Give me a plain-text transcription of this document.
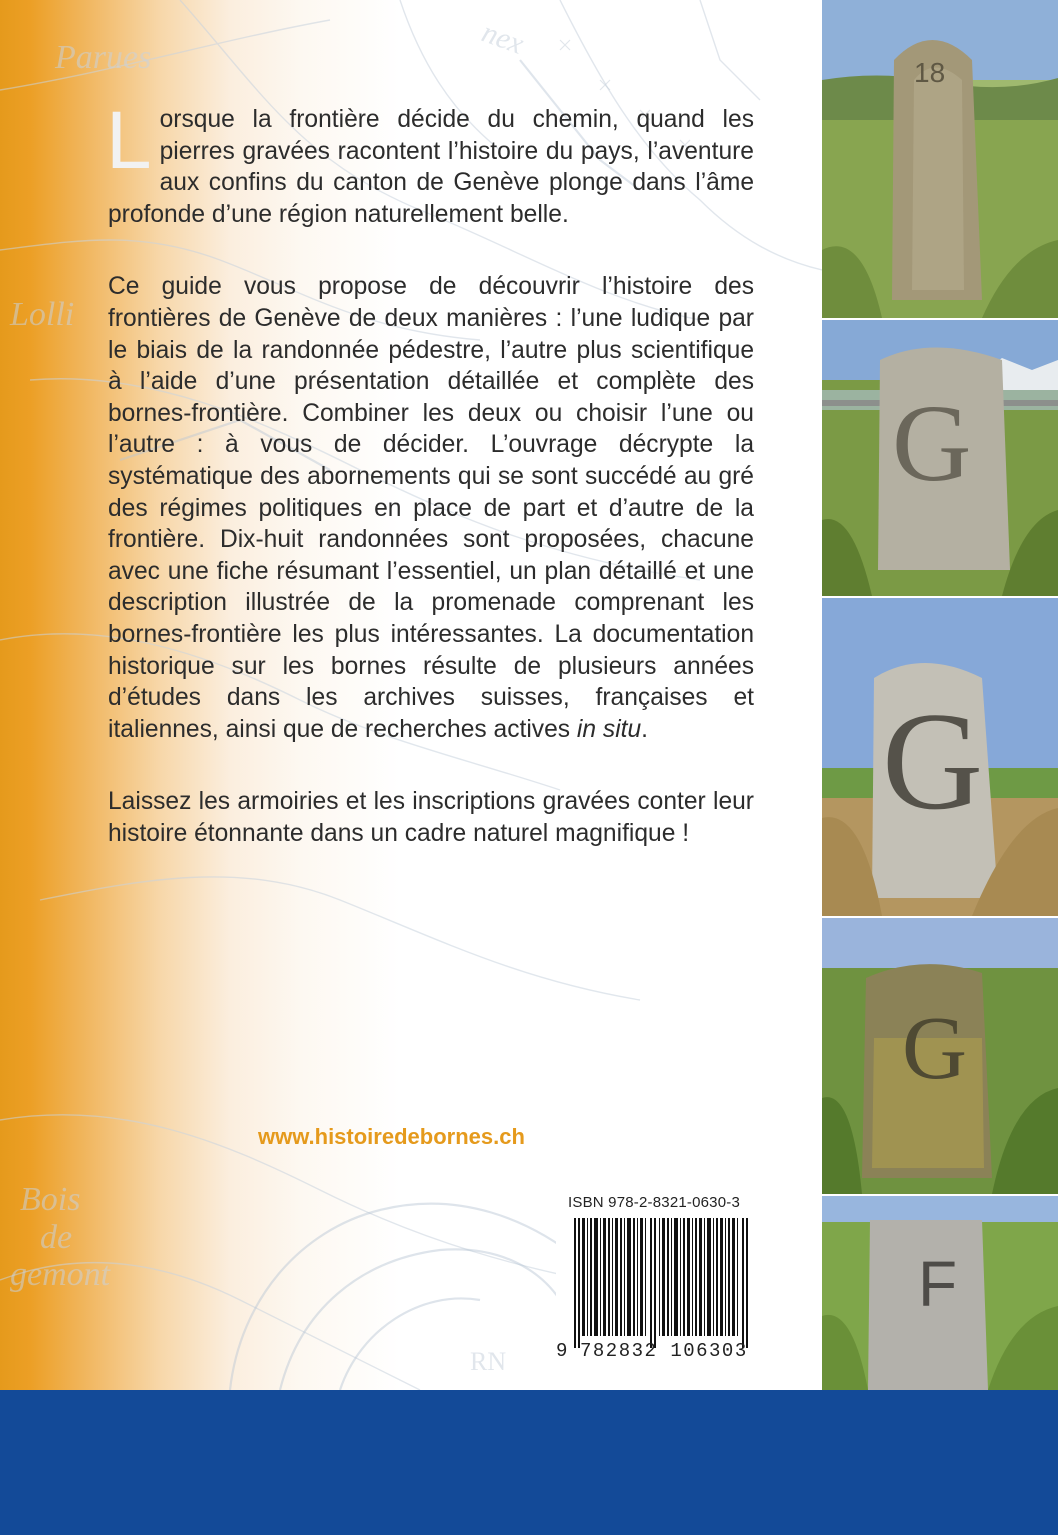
Parues	nex
Lolli
Bois
de
gemont
RN

Lorsque la frontière décide du chemin, quand les pierres gravées racontent l’histoire du pays, l’aventure aux confins du canton de Genève plonge dans l’âme profonde d’une région naturellement belle.

Ce guide vous propose de découvrir l’histoire des frontières de Genève de deux manières : l’une ludique par le biais de la randonnée pédestre, l’autre plus scientifique à l’aide d’une présentation détaillée et complète des bornes-frontière. Combiner les deux ou choisir l’une ou l’autre : à vous de décider. L’ouvrage décrypte la systématique des abornements qui se sont succédé au gré des régimes politiques en place de part et d’autre de la frontière. Dix-huit randonnées sont proposées, chacune avec une fiche résumant l’essentiel, un plan détaillé et une description illustrée de la promenade comprenant les bornes-frontière les plus intéressantes. La documentation historique sur les bornes résulte de plusieurs années d’études dans les archives suisses, françaises et italiennes, ainsi que de recherches actives in situ.

Laissez les armoiries et les inscriptions gravées conter leur histoire étonnante dans un cadre naturel magnifique !

www.histoiredebornes.ch
ISBN 978-2-8321-0630-3
9 782832 106303
18
G
G
G
F
